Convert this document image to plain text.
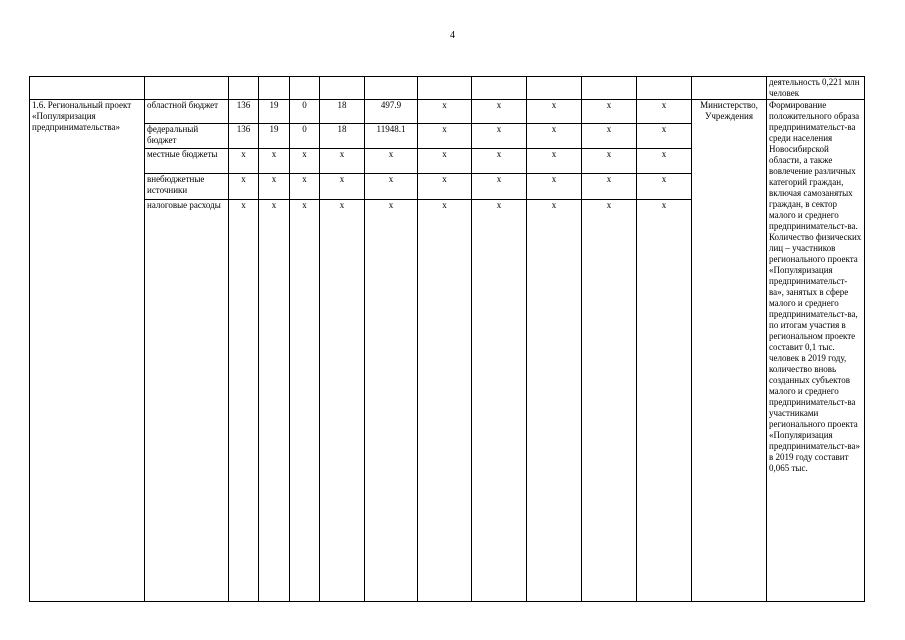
4
													деятельность 0,221 млн человек
1.6. Региональный проект «Популяризация предпринимательства»	областной бюджет	136	19	0	18	497.9	x	x	x	x	x	Министерство, Учреждения	Формирование положительного образа предпринимательст-ва среди населения Новосибирской области, а также вовлечение различных категорий граждан, включая самозанятых граждан, в сектор малого и среднего предпринимательст-ва. Количество физических лиц – участников регионального проекта «Популяризация предпринимательст-ва», занятых в сфере малого и среднего предпринимательст-ва, по итогам участия в региональном проекте составит 0,1 тыс. человек в 2019 году, количество вновь созданных субъектов малого и среднего предпринимательст-ва участниками регионального проекта «Популяризация предпринимательст-ва» в 2019 году составит 0,065 тыс.
	федеральный бюджет	136	19	0	18	11948.1	x	x	x	x	x		
	местные бюджеты	x	x	x	x	x	x	x	x	x	x		
	внебюджетные источники	x	x	x	x	x	x	x	x	x	x		
	налоговые расходы	x	x	x	x	x	x	x	x	x	x		
